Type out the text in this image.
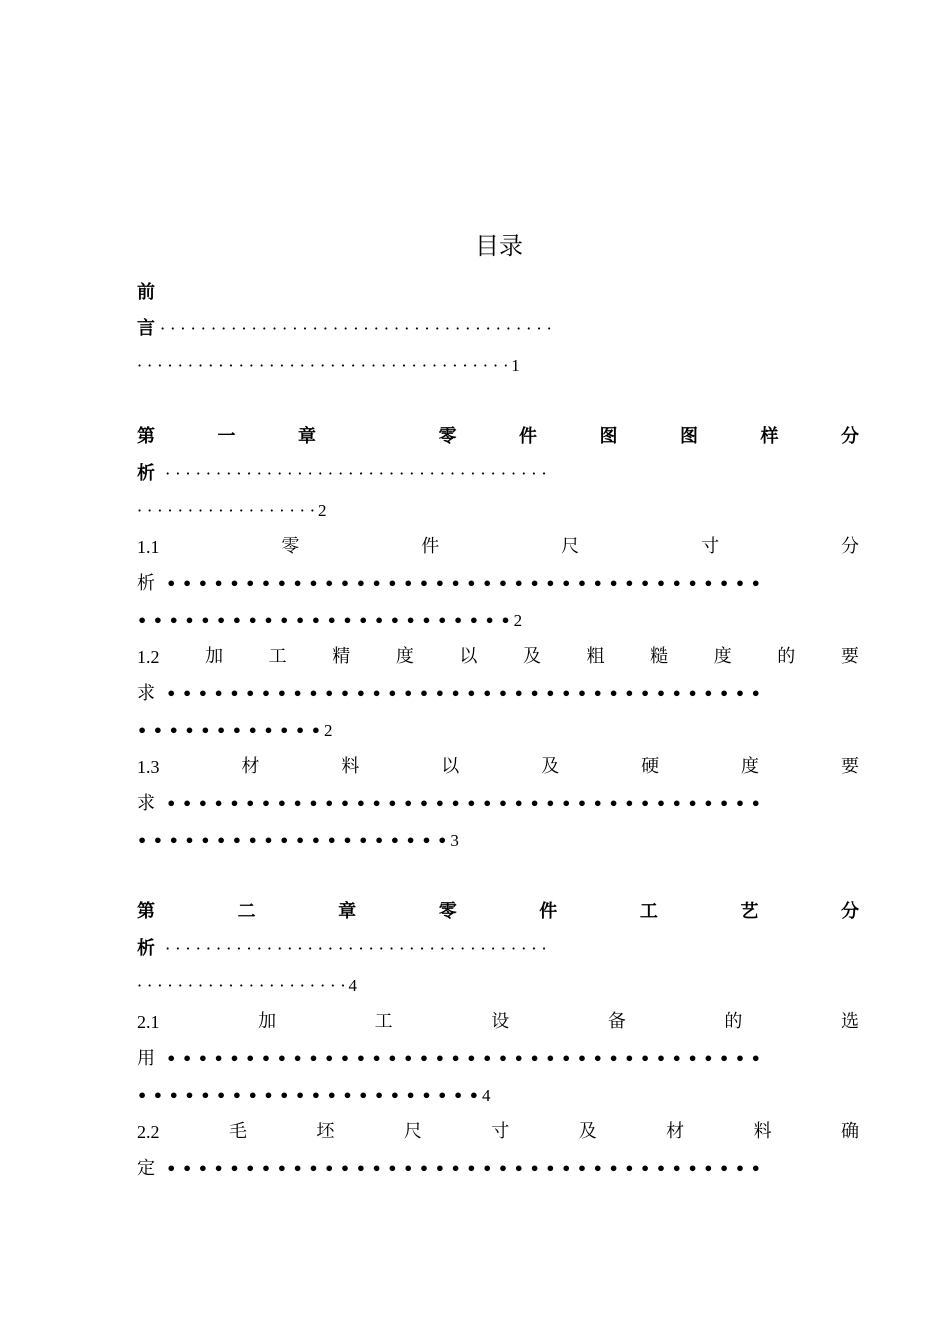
目录
前
言 · · · · · · · · · · · · · · · · · · · · · · · · · · · · · · · · · · · · · · ·
· · · · · · · · · · · · · · · · · · · · · · · · · · · · · · · · · · · · · 1
第	一	章	零	件	图	图	样	分
析 · · · · · · · · · · · · · · · · · · · · · · · · · · · · · · · · · · · · · ·
· · · · · · · · · · · · · · · · · · 2
1.1	零	件	尺	寸	分
析 • • • • • • • • • • • • • • • • • • • • • • • • • • • • • • • • • • • • • •
• • • • • • • • • • • • • • • • • • • • • • • • 2
1.2	加	工	精	度	以	及	粗	糙	度	的	要
求 • • • • • • • • • • • • • • • • • • • • • • • • • • • • • • • • • • • • • •
• • • • • • • • • • • • 2
1.3	材	料	以	及	硬	度	要
求 • • • • • • • • • • • • • • • • • • • • • • • • • • • • • • • • • • • • • •
• • • • • • • • • • • • • • • • • • • • 3
第	二	章	零	件	工	艺	分
析 · · · · · · · · · · · · · · · · · · · · · · · · · · · · · · · · · · · · · ·
· · · · · · · · · · · · · · · · · · · · · 4
2.1	加	工	设	备	的	选
用 • • • • • • • • • • • • • • • • • • • • • • • • • • • • • • • • • • • • • •
• • • • • • • • • • • • • • • • • • • • • • 4
2.2	毛	坯	尺	寸	及	材	料	确
定 • • • • • • • • • • • • • • • • • • • • • • • • • • • • • • • • • • • • • •
